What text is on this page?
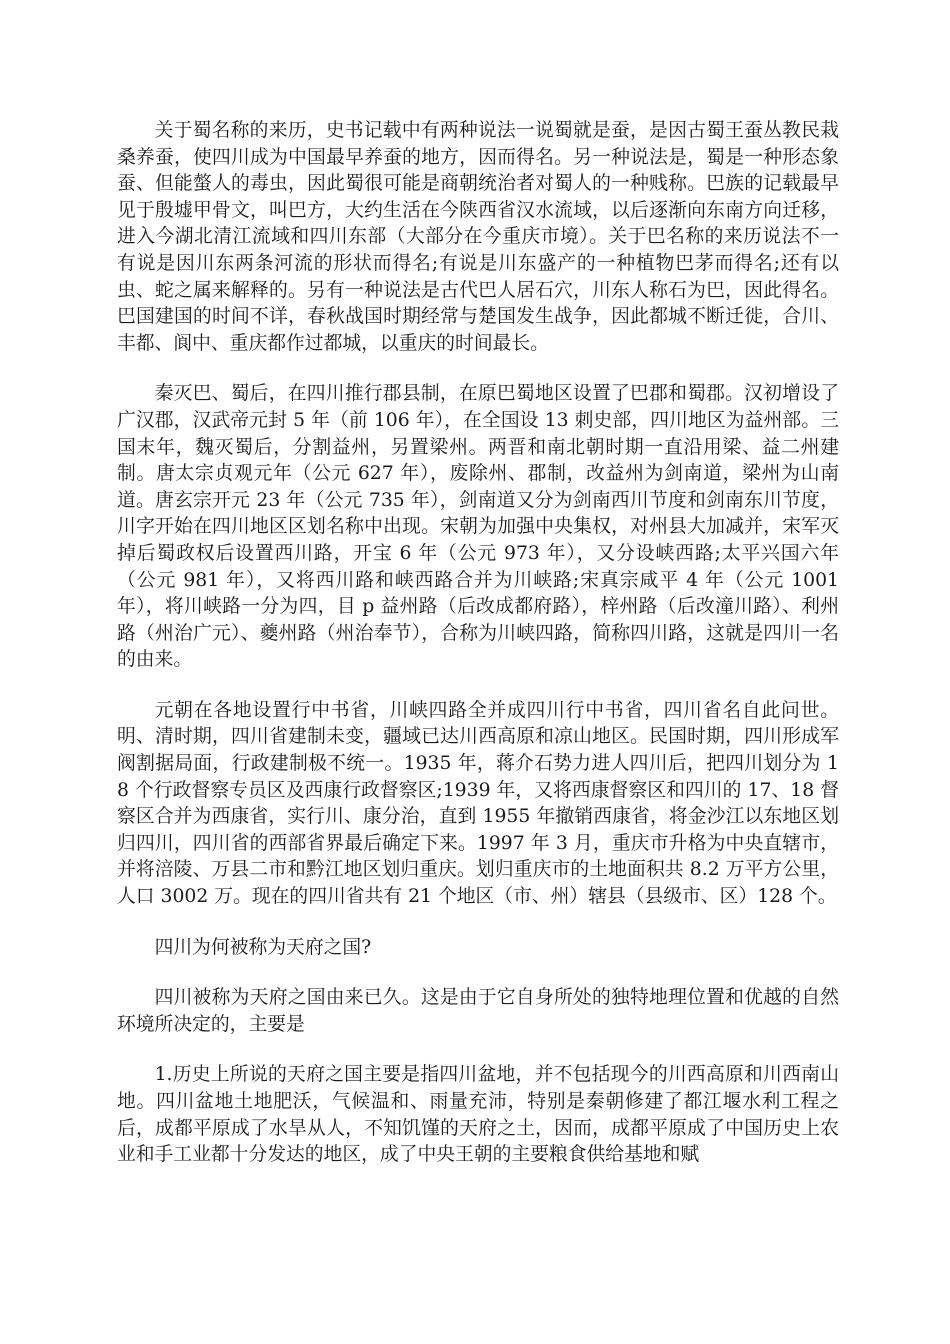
关于蜀名称的来历，史书记载中有两种说法一说蜀就是蚕，是因古蜀王蚕丛教民栽桑养蚕，使四川成为中国最早养蚕的地方，因而得名。另一种说法是，蜀是一种形态象蚕、但能螫人的毒虫，因此蜀很可能是商朝统治者对蜀人的一种贱称。巴族的记载最早见于殷墟甲骨文，叫巴方，大约生活在今陕西省汉水流域，以后逐渐向东南方向迁移，进入今湖北清江流域和四川东部（大部分在今重庆市境）。关于巴名称的来历说法不一有说是因川东两条河流的形状而得名;有说是川东盛产的一种植物巴茅而得名;还有以虫、蛇之属来解释的。另有一种说法是古代巴人居石穴，川东人称石为巴，因此得名。巴国建国的时间不详，春秋战国时期经常与楚国发生战争，因此都城不断迁徙，合川、丰都、阆中、重庆都作过都城，以重庆的时间最长。

秦灭巴、蜀后，在四川推行郡县制，在原巴蜀地区设置了巴郡和蜀郡。汉初增设了广汉郡，汉武帝元封 5 年（前 106 年），在全国设 13 刺史部，四川地区为益州部。三国末年，魏灭蜀后，分割益州，另置梁州。两晋和南北朝时期一直沿用梁、益二州建制。唐太宗贞观元年（公元 627 年），废除州、郡制，改益州为剑南道，梁州为山南道。唐玄宗开元 23 年（公元 735 年），剑南道又分为剑南西川节度和剑南东川节度，川字开始在四川地区区划名称中出现。宋朝为加强中央集权，对州县大加减并，宋军灭掉后蜀政权后设置西川路，开宝 6 年（公元 973 年），又分设峡西路;太平兴国六年（公元 981 年），又将西川路和峡西路合并为川峡路;宋真宗咸平 4 年（公元 1001 年），将川峡路一分为四，目 p 益州路（后改成都府路），梓州路（后改潼川路）、利州路（州治广元）、夔州路（州治奉节），合称为川峡四路，简称四川路，这就是四川一名的由来。

元朝在各地设置行中书省，川峡四路全并成四川行中书省，四川省名自此问世。明、清时期，四川省建制未变，疆域已达川西高原和凉山地区。民国时期，四川形成军阀割据局面，行政建制极不统一。1935 年，蒋介石势力进人四川后，把四川划分为 18 个行政督察专员区及西康行政督察区;1939 年，又将西康督察区和四川的 17、18 督察区合并为西康省，实行川、康分治，直到 1955 年撤销西康省，将金沙江以东地区划归四川，四川省的西部省界最后确定下来。1997 年 3 月，重庆市升格为中央直辖市，并将涪陵、万县二市和黔江地区划归重庆。划归重庆市的土地面积共 8.2 万平方公里，人口 3002 万。现在的四川省共有 21 个地区（市、州）辖县（县级市、区）128 个。

四川为何被称为天府之国?

四川被称为天府之国由来已久。这是由于它自身所处的独特地理位置和优越的自然环境所决定的，主要是

1.历史上所说的天府之国主要是指四川盆地，并不包括现今的川西高原和川西南山地。四川盆地土地肥沃，气候温和、雨量充沛，特别是秦朝修建了都江堰水利工程之后，成都平原成了水旱从人，不知饥馑的天府之土，因而，成都平原成了中国历史上农业和手工业都十分发达的地区，成了中央王朝的主要粮食供给基地和赋
